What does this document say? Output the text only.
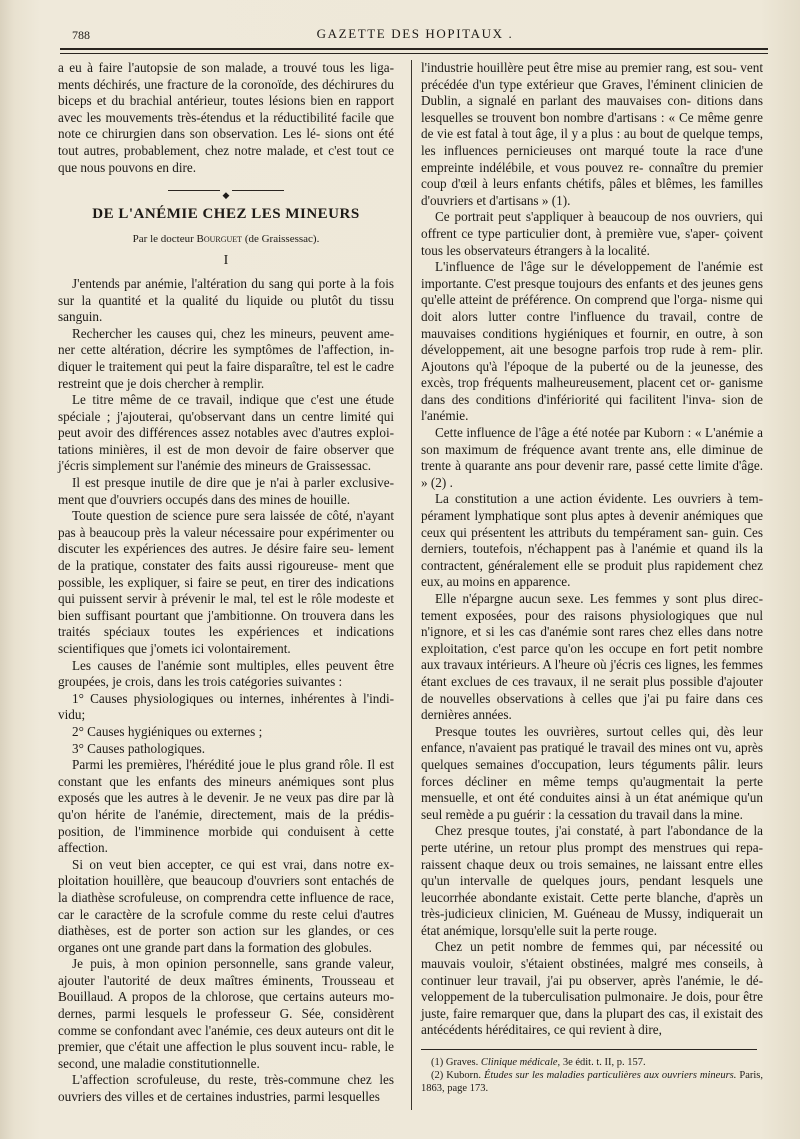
788	GAZETTE DES HOPITAUX .

a eu à faire l'autopsie de son malade, a trouvé tous les liga- ments déchirés, une fracture de la coronoïde, des déchirures du biceps et du brachial antérieur, toutes lésions bien en rapport avec les mouvements très-étendus et la réductibilité facile que note ce chirurgien dans son observation. Les lé- sions ont été tout autres, probablement, chez notre malade, et c'est tout ce que nous pouvons en dire.

◆
DE L'ANÉMIE CHEZ LES MINEURS
Par le docteur Bourguet (de Graissessac).
I

J'entends par anémie, l'altération du sang qui porte à la fois sur la quantité et la qualité du liquide ou plutôt du tissu sanguin.

Rechercher les causes qui, chez les mineurs, peuvent ame- ner cette altération, décrire les symptômes de l'affection, in- diquer le traitement qui peut la faire disparaître, tel est le cadre restreint que je dois chercher à remplir.

Le titre même de ce travail, indique que c'est une étude spéciale ; j'ajouterai, qu'observant dans un centre limité qui peut avoir des différences assez notables avec d'autres exploi- tations minières, il est de mon devoir de faire observer que j'écris simplement sur l'anémie des mineurs de Graissessac.

Il est presque inutile de dire que je n'ai à parler exclusive- ment que d'ouvriers occupés dans des mines de houille.

Toute question de science pure sera laissée de côté, n'ayant pas à beaucoup près la valeur nécessaire pour expérimenter ou discuter les expériences des autres. Je désire faire seu- lement de la pratique, constater des faits aussi rigoureuse- ment que possible, les expliquer, si faire se peut, en tirer des indications qui puissent servir à prévenir le mal, tel est le rôle modeste et bien suffisant pourtant que j'ambitionne. On trouvera dans les traités spéciaux toutes les expériences et indications scientifiques que j'omets ici volontairement.

Les causes de l'anémie sont multiples, elles peuvent être groupées, je crois, dans les trois catégories suivantes :

1° Causes physiologiques ou internes, inhérentes à l'indi- vidu;

2° Causes hygiéniques ou externes ;

3° Causes pathologiques.

Parmi les premières, l'hérédité joue le plus grand rôle. Il est constant que les enfants des mineurs anémiques sont plus exposés que les autres à le devenir. Je ne veux pas dire par là qu'on hérite de l'anémie, directement, mais de la prédis- position, de l'imminence morbide qui conduisent à cette affection.

Si on veut bien accepter, ce qui est vrai, dans notre ex- ploitation houillère, que beaucoup d'ouvriers sont entachés de la diathèse scrofuleuse, on comprendra cette influence de race, car le caractère de la scrofule comme du reste celui d'autres diathèses, est de porter son action sur les glandes, or ces organes ont une grande part dans la formation des globules.

Je puis, à mon opinion personnelle, sans grande valeur, ajouter l'autorité de deux maîtres éminents, Trousseau et Bouillaud. A propos de la chlorose, que certains auteurs mo- dernes, parmi lesquels le professeur G. Sée, considèrent comme se confondant avec l'anémie, ces deux auteurs ont dit le premier, que c'était une affection le plus souvent incu- rable, le second, une maladie constitutionnelle.

L'affection scrofuleuse, du reste, très-commune chez les ouvriers des villes et de certaines industries, parmi lesquelles

l'industrie houillère peut être mise au premier rang, est sou- vent précédée d'un type extérieur que Graves, l'éminent clinicien de Dublin, a signalé en parlant des mauvaises con- ditions dans lesquelles se trouvent bon nombre d'artisans : « Ce même genre de vie est fatal à tout âge, il y a plus : au bout de quelque temps, les influences pernicieuses ont marqué toute la race d'une empreinte indélébile, et vous pouvez re- connaître du premier coup d'œil à leurs enfants chétifs, pâles et blêmes, les familles d'ouvriers et d'artisans » (1).

Ce portrait peut s'appliquer à beaucoup de nos ouvriers, qui offrent ce type particulier dont, à première vue, s'aper- çoivent tous les observateurs étrangers à la localité.

L'influence de l'âge sur le développement de l'anémie est importante. C'est presque toujours des enfants et des jeunes gens qu'elle atteint de préférence. On comprend que l'orga- nisme qui doit alors lutter contre l'influence du travail, contre de mauvaises conditions hygiéniques et fournir, en outre, à son développement, ait une besogne parfois trop rude à rem- plir. Ajoutons qu'à l'époque de la puberté ou de la jeunesse, des excès, trop fréquents malheureusement, placent cet or- ganisme dans des conditions d'infériorité qui facilitent l'inva- sion de l'anémie.

Cette influence de l'âge a été notée par Kuborn : « L'anémie a son maximum de fréquence avant trente ans, elle diminue de trente à quarante ans pour devenir rare, passé cette limite d'âge. » (2) .

La constitution a une action évidente. Les ouvriers à tem- pérament lymphatique sont plus aptes à devenir anémiques que ceux qui présentent les attributs du tempérament san- guin. Ces derniers, toutefois, n'échappent pas à l'anémie et quand ils la contractent, généralement elle se produit plus rapidement chez eux, au moins en apparence.

Elle n'épargne aucun sexe. Les femmes y sont plus direc- tement exposées, pour des raisons physiologiques que nul n'ignore, et si les cas d'anémie sont rares chez elles dans notre exploitation, c'est parce qu'on les occupe en fort petit nombre aux travaux intérieurs. A l'heure où j'écris ces lignes, les femmes étant exclues de ces travaux, il ne serait plus possible d'ajouter de nouvelles observations à celles que j'ai pu faire dans ces dernières années.

Presque toutes les ouvrières, surtout celles qui, dès leur enfance, n'avaient pas pratiqué le travail des mines ont vu, après quelques semaines d'occupation, leurs téguments pâlir. leurs forces décliner en même temps qu'augmentait la perte mensuelle, et ont été conduites ainsi à un état anémique qu'un seul remède a pu guérir : la cessation du travail dans la mine.

Chez presque toutes, j'ai constaté, à part l'abondance de la perte utérine, un retour plus prompt des menstrues qui repa- raissent chaque deux ou trois semaines, ne laissant entre elles qu'un intervalle de quelques jours, pendant lesquels une leucorrhée abondante existait. Cette perte blanche, d'après un très-judicieux clinicien, M. Guéneau de Mussy, indiquerait un état anémique, lorsqu'elle suit la perte rouge.

Chez un petit nombre de femmes qui, par nécessité ou mauvais vouloir, s'étaient obstinées, malgré mes conseils, à continuer leur travail, j'ai pu observer, après l'anémie, le dé- veloppement de la tuberculisation pulmonaire. Je dois, pour être juste, faire remarquer que, dans la plupart des cas, il existait des antécédents héréditaires, ce qui revient à dire,

(1) Graves. Clinique médicale, 3e édit. t. II, p. 157.

(2) Kuborn. Études sur les maladies particulières aux ouvriers mineurs. Paris, 1863, page 173.
